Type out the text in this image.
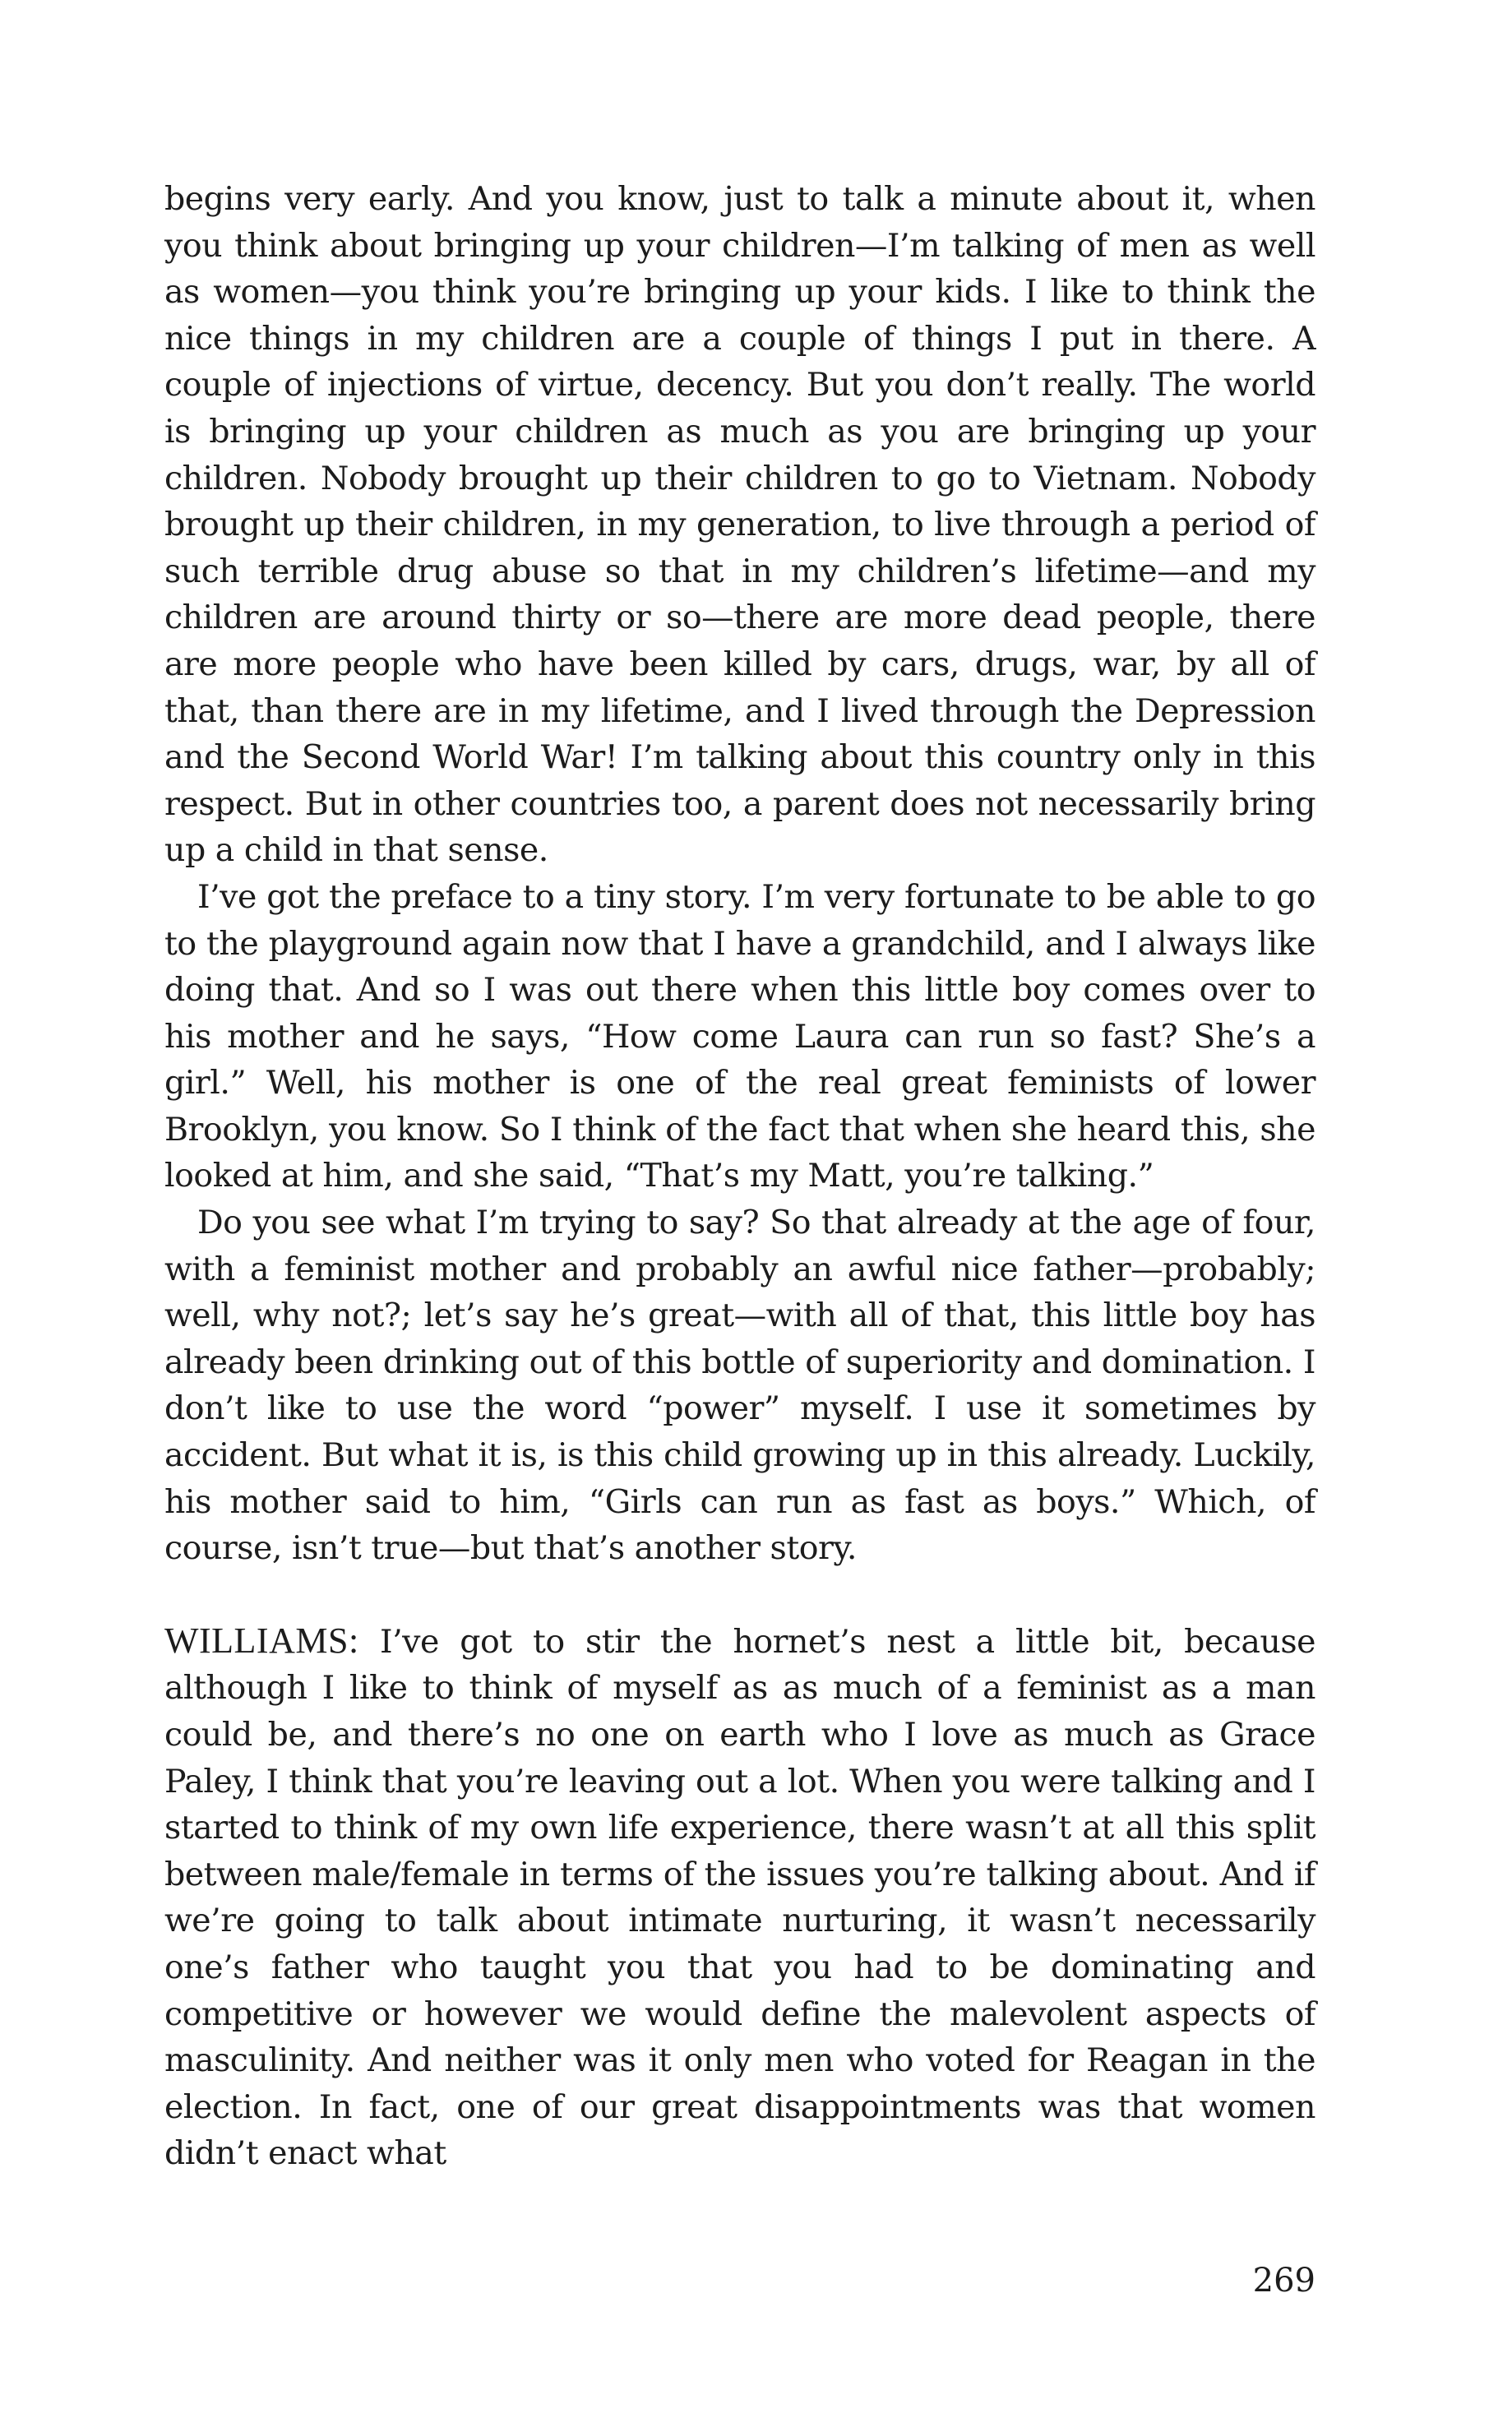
begins very early. And you know, just to talk a minute about it, when you think about bringing up your children—I’m talking of men as well as women—you think you’re bringing up your kids. I like to think the nice things in my children are a couple of things I put in there. A couple of injections of virtue, decency. But you don’t really. The world is bringing up your children as much as you are bringing up your children. Nobody brought up their children to go to Vietnam. Nobody brought up their children, in my generation, to live through a period of such terrible drug abuse so that in my children’s lifetime—and my children are around thirty or so—there are more dead people, there are more people who have been killed by cars, drugs, war, by all of that, than there are in my lifetime, and I lived through the Depression and the Second World War! I’m talking about this country only in this respect. But in other countries too, a parent does not necessarily bring up a child in that sense.

I’ve got the preface to a tiny story. I’m very fortunate to be able to go to the playground again now that I have a grandchild, and I always like doing that. And so I was out there when this little boy comes over to his mother and he says, “How come Laura can run so fast? She’s a girl.” Well, his mother is one of the real great feminists of lower Brooklyn, you know. So I think of the fact that when she heard this, she looked at him, and she said, “That’s my Matt, you’re talking.”

Do you see what I’m trying to say? So that already at the age of four, with a feminist mother and probably an awful nice father—probably; well, why not?; let’s say he’s great—with all of that, this little boy has already been drinking out of this bottle of superiority and domination. I don’t like to use the word “power” myself. I use it sometimes by accident. But what it is, is this child growing up in this already. Luckily, his mother said to him, “Girls can run as fast as boys.” Which, of course, isn’t true—but that’s another story.

WILLIAMS: I’ve got to stir the hornet’s nest a little bit, because although I like to think of myself as as much of a feminist as a man could be, and there’s no one on earth who I love as much as Grace Paley, I think that you’re leaving out a lot. When you were talking and I started to think of my own life experience, there wasn’t at all this split between male/female in terms of the issues you’re talking about. And if we’re going to talk about intimate nurturing, it wasn’t necessarily one’s father who taught you that you had to be dominating and competitive or however we would define the malevolent aspects of masculinity. And neither was it only men who voted for Reagan in the election. In fact, one of our great disappointments was that women didn’t enact what

269
